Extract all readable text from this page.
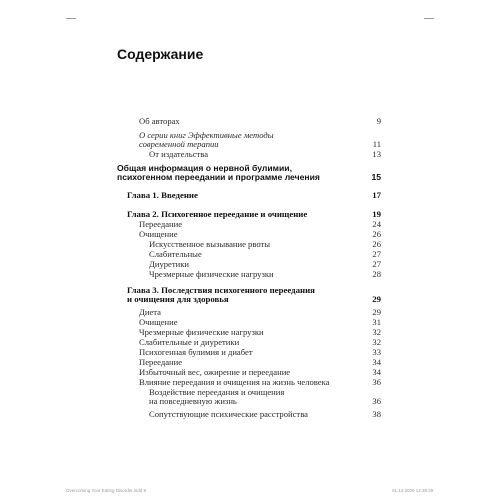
Содержание
Об авторах	9
О серии книг Эффективные методы современной терапии	11
От издательства	13
Общая информация о нервной булимии,
психогенном переедании и программе лечения	15
Глава 1. Введение	17
Глава 2. Психогенное переедание и очищение	19
Переедание	24
Очищение	26
Искусственное вызывание рвоты	26
Слабительные	27
Диуретики	27
Чрезмерные физические нагрузки	28
Глава 3. Последствия психогенного переедания
и очищения для здоровья	29
Диета	29
Очищение	31
Чрезмерные физические нагрузки	32
Слабительные и диуретики	32
Психогенная булимия и диабет	33
Переедание	34
Избыточный вес, ожирение и переедание	34
Влияние переедания и очищения на жизнь человека	36
Воздействие переедания и очищения
на повседневную жизнь	36
Сопутствующие психические расстройства	38
Overcoming Your Eating Disorder.indd 9	01.12.2020 12:38:29
